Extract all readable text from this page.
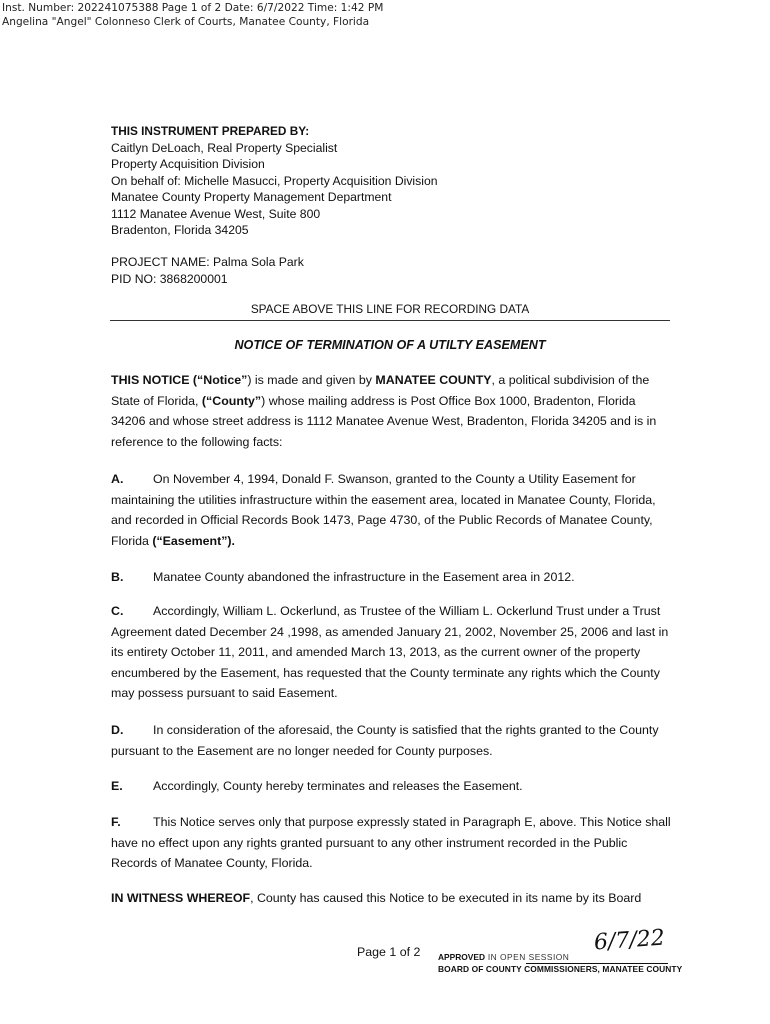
Inst. Number: 202241075388 Page 1 of 2 Date: 6/7/2022 Time: 1:42 PM
Angelina "Angel" Colonneso Clerk of Courts, Manatee County, Florida
THIS INSTRUMENT PREPARED BY:
Caitlyn DeLoach, Real Property Specialist
Property Acquisition Division
On behalf of: Michelle Masucci, Property Acquisition Division
Manatee County Property Management Department
1112 Manatee Avenue West, Suite 800
Bradenton, Florida 34205
PROJECT NAME: Palma Sola Park
PID NO: 3868200001
SPACE ABOVE THIS LINE FOR RECORDING DATA
NOTICE OF TERMINATION OF A UTILTY EASEMENT
THIS NOTICE (“Notice”) is made and given by MANATEE COUNTY, a political subdivision of the State of Florida, (“County”) whose mailing address is Post Office Box 1000, Bradenton, Florida 34206 and whose street address is 1112 Manatee Avenue West, Bradenton, Florida 34205 and is in reference to the following facts:
A. On November 4, 1994, Donald F. Swanson, granted to the County a Utility Easement for maintaining the utilities infrastructure within the easement area, located in Manatee County, Florida, and recorded in Official Records Book 1473, Page 4730, of the Public Records of Manatee County, Florida (“Easement”).
B. Manatee County abandoned the infrastructure in the Easement area in 2012.
C. Accordingly, William L. Ockerlund, as Trustee of the William L. Ockerlund Trust under a Trust Agreement dated December 24 ,1998, as amended January 21, 2002, November 25, 2006 and last in its entirety October 11, 2011, and amended March 13, 2013, as the current owner of the property encumbered by the Easement, has requested that the County terminate any rights which the County may possess pursuant to said Easement.
D. In consideration of the aforesaid, the County is satisfied that the rights granted to the County pursuant to the Easement are no longer needed for County purposes.
E. Accordingly, County hereby terminates and releases the Easement.
F.	This Notice serves only that purpose expressly stated in Paragraph E, above. This Notice shall have no effect upon any rights granted pursuant to any other instrument recorded in the Public Records of Manatee County, Florida.
IN WITNESS WHEREOF, County has caused this Notice to be executed in its name by its Board
Page 1 of 2	6/7/22
APPROVED IN OPEN SESSION
BOARD OF COUNTY COMMISSIONERS, MANATEE COUNTY
